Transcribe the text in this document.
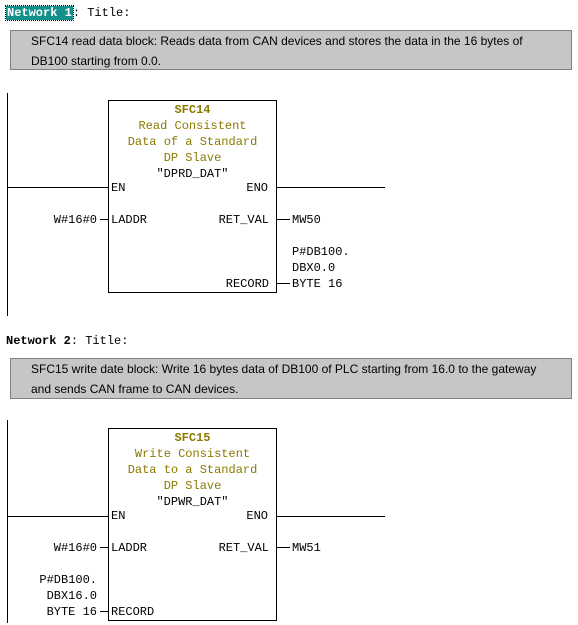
Network 1: Title:
SFC14 read data block: Reads data from CAN devices and stores the data in the 16 bytes of
DB100 starting from 0.0.
SFC14
Read Consistent
Data of a Standard
DP Slave
"DPRD_DAT"
EN	ENO
W#16#0 LADDR	RET_VAL MW50
P#DB100.
DBX0.0
RECORD BYTE 16
Network 2: Title:
SFC15 write date block: Write 16 bytes data of DB100 of PLC starting from 16.0 to the gateway
and sends CAN frame to CAN devices.
SFC15
Write Consistent
Data to a Standard
DP Slave
"DPWR_DAT"
EN	ENO
W#16#0 LADDR	RET_VAL MW51
P#DB100.
DBX16.0
BYTE 16 RECORD
